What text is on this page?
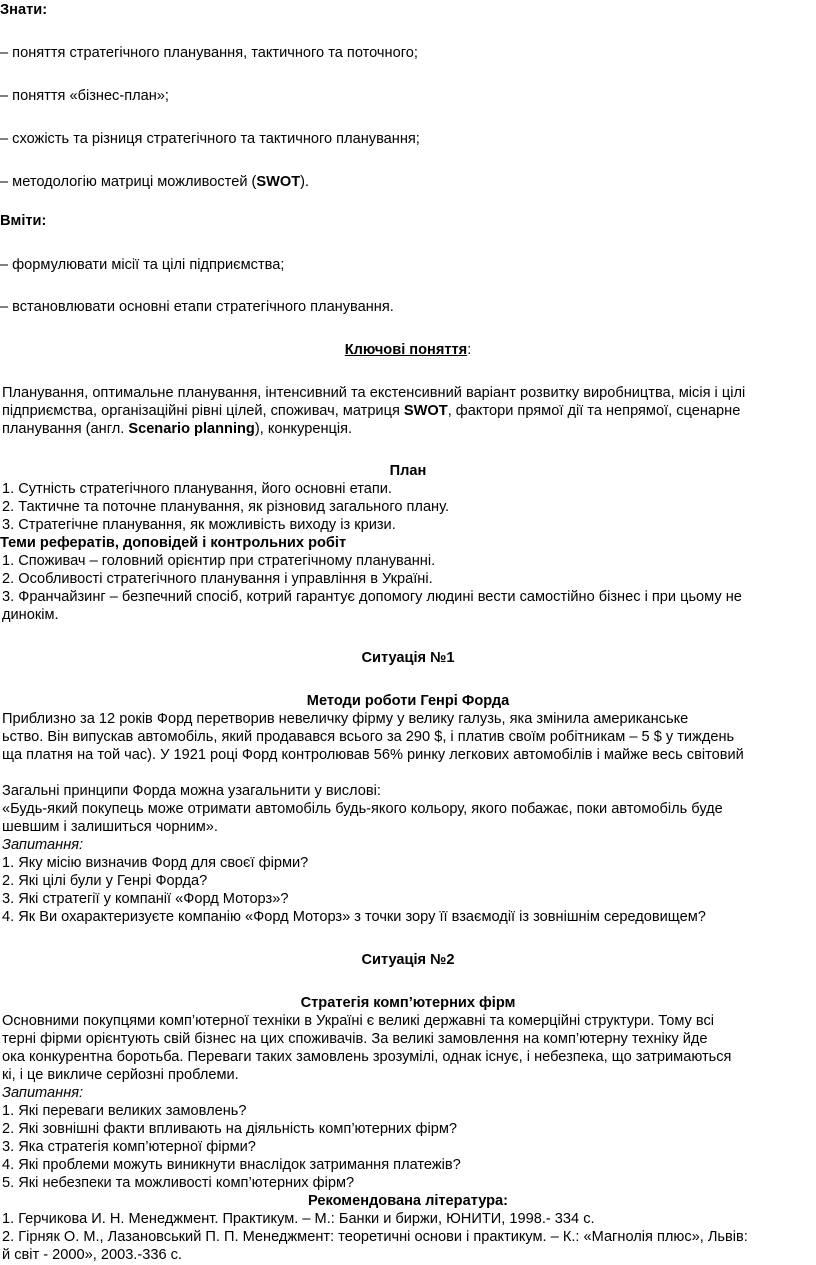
Знати:
– поняття стратегічного планування, тактичного та поточного;
– поняття «бізнес-план»;
– схожість та різниця стратегічного та тактичного планування;
– методологію матриці можливостей (SWOT).
Вміти:
– формулювати місії та цілі підприємства;
– встановлювати основні етапи стратегічного планування.
Ключові поняття:
Планування, оптимальне планування, інтенсивний та екстенсивний варіант розвитку виробництва, місія і цілі
підприємства, організаційні рівні цілей, споживач, матриця SWOT, фактори прямої дії та непрямої, сценарне
планування (англ. Scenario planning), конкуренція.
План
1. Сутність стратегічного планування, його основні етапи.
2. Тактичне та поточне планування, як різновид загального плану.
3. Стратегічне планування, як можливість виходу із кризи.
Теми рефератів, доповідей і контрольних робіт
1. Споживач – головний орієнтир при стратегічному плануванні.
2. Особливості стратегічного планування і управління в Україні.
3. Франчайзинг – безпечний спосіб, котрий гарантує допомогу людині вести самостійно бізнес і при цьому не
динокім.
Ситуація №1
Методи роботи Генрі Форда
Приблизно за 12 років Форд перетворив невеличку фірму у велику галузь, яка змінила американське
ьство. Він випускав автомобіль, який продавався всього за 290 $, і платив своїм робітникам – 5 $ у тиждень
ща платня на той час). У 1921 році Форд контролював 56% ринку легкових автомобілів і майже весь світовий
Загальні принципи Форда можна узагальнити у вислові:
«Будь-який покупець може отримати автомобіль будь-якого кольору, якого побажає, поки автомобіль буде
шевшим і залишиться чорним».
Запитання:
1. Яку місію визначив Форд для своєї фірми?
2. Які цілі були у Генрі Форда?
3. Які стратегії у компанії «Форд Моторз»?
4. Як Ви охарактеризуєте компанію «Форд Моторз» з точки зору її взаємодії із зовнішнім середовищем?
Ситуація №2
Стратегія комп’ютерних фірм
Основними покупцями комп’ютерної техніки в Україні є великі державні та комерційні структури. Тому всі
терні фірми орієнтують свій бізнес на цих споживачів. За великі замовлення на комп’ютерну техніку йде
ока конкурентна боротьба. Переваги таких замовлень зрозумілі, однак існує, і небезпека, що затримаються
кі, і це викличе серйозні проблеми.
Запитання:
1. Які переваги великих замовлень?
2. Які зовнішні факти впливають на діяльність комп’ютерних фірм?
3. Яка стратегія комп’ютерної фірми?
4. Які проблеми можуть виникнути внаслідок затримання платежів?
5. Які небезпеки та можливості комп’ютерних фірм?
Рекомендована література:
1. Герчикова И. Н. Менеджмент. Практикум. – М.: Банки и биржи, ЮНИТИ, 1998.- 334 с.
2. Гірняк О. М., Лазановський П. П. Менеджмент: теоретичні основи і практикум. – К.: «Магнолія плюс», Львів:
й світ - 2000», 2003.-336 с.
